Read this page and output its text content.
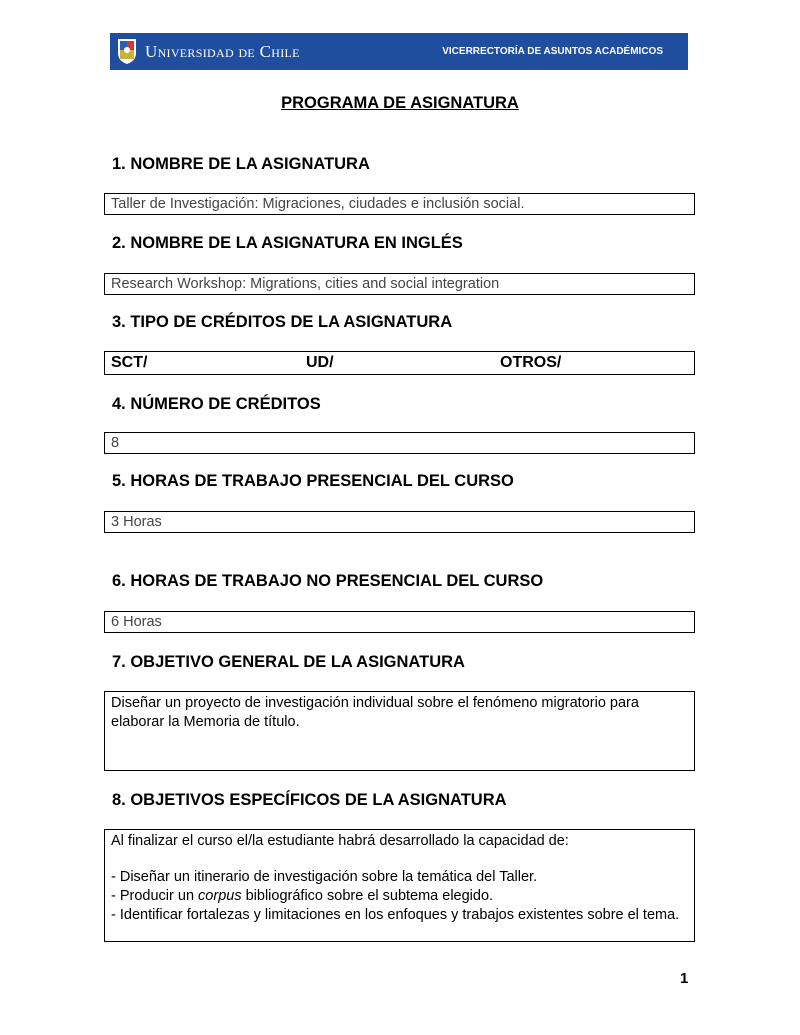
Universidad de Chile	VICERRECTORÍA DE ASUNTOS ACADÉMICOS
PROGRAMA DE ASIGNATURA
1. NOMBRE DE LA ASIGNATURA
Taller de Investigación: Migraciones, ciudades e inclusión social.
2. NOMBRE DE LA ASIGNATURA EN INGLÉS
Research Workshop: Migrations, cities and social integration
3. TIPO DE CRÉDITOS DE LA ASIGNATURA
SCT/	UD/	OTROS/
4. NÚMERO DE CRÉDITOS
8
5. HORAS DE TRABAJO PRESENCIAL DEL CURSO
3 Horas
6. HORAS DE TRABAJO NO PRESENCIAL DEL CURSO
6 Horas
7. OBJETIVO GENERAL DE LA ASIGNATURA

Diseñar un proyecto de investigación individual sobre el fenómeno migratorio para elaborar la Memoria de título.

8. OBJETIVOS ESPECÍFICOS DE LA ASIGNATURA

Al finalizar el curso el/la estudiante habrá desarrollado la capacidad de:

- Diseñar un itinerario de investigación sobre la temática del Taller.

- Producir un corpus bibliográfico sobre el subtema elegido.

- Identificar fortalezas y limitaciones en los enfoques y trabajos existentes sobre el tema.

1
